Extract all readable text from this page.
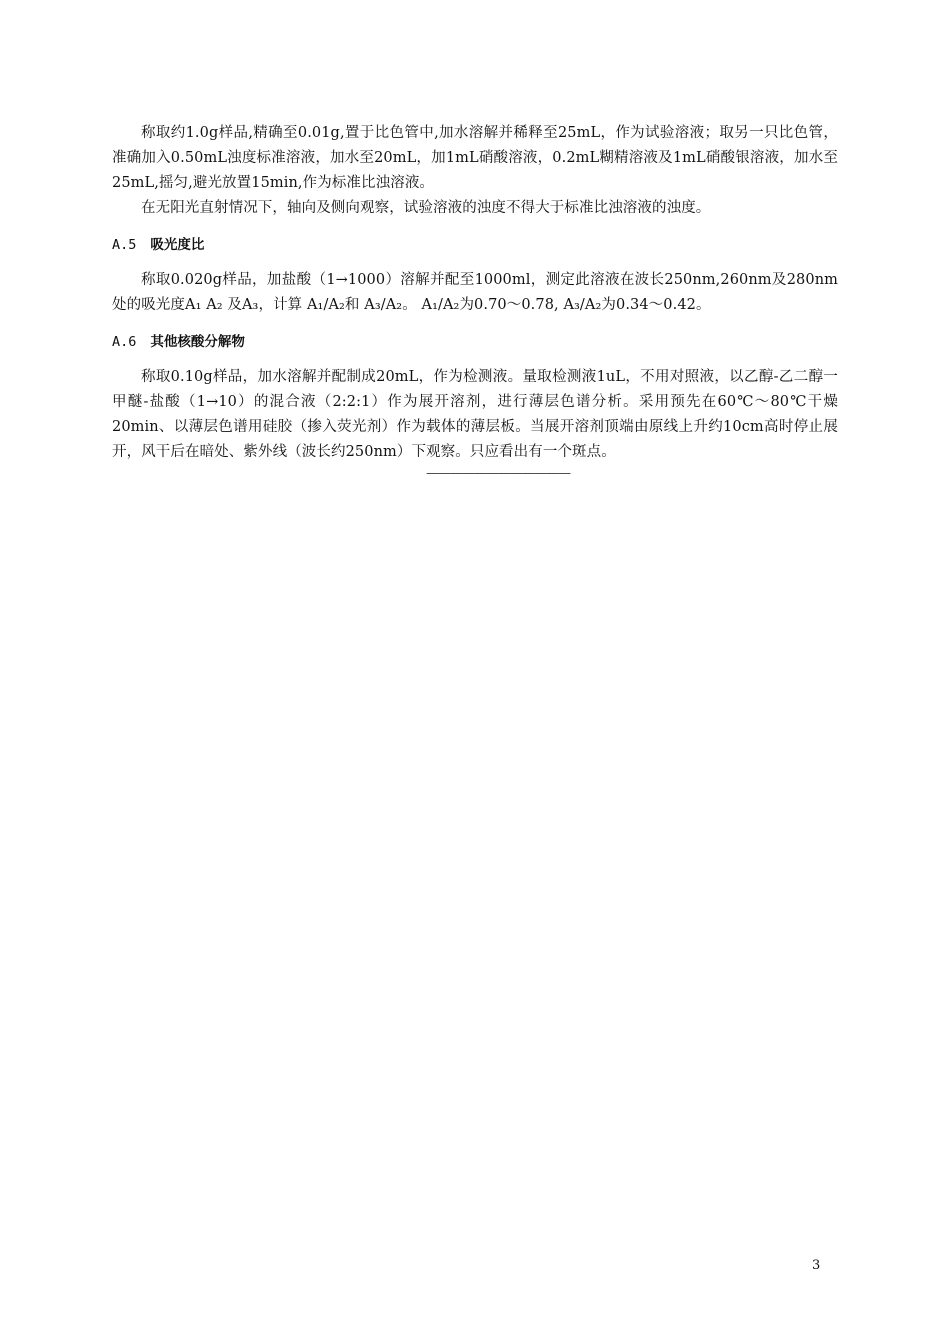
称取约1.0g样品,精确至0.01g,置于比色管中,加水溶解并稀释至25mL，作为试验溶液；取另一只比色管，准确加入0.50mL浊度标准溶液，加水至20mL，加1mL硝酸溶液，0.2mL糊精溶液及1mL硝酸银溶液，加水至25mL,摇匀,避光放置15min,作为标准比浊溶液。

在无阳光直射情况下，轴向及侧向观察，试验溶液的浊度不得大于标准比浊溶液的浊度。

A.5 吸光度比

称取0.020g样品，加盐酸（1→1000）溶解并配至1000ml，测定此溶液在波长250nm,260nm及280nm处的吸光度A₁ A₂ 及A₃，计算 A₁/A₂和 A₃/A₂。 A₁/A₂为0.70～0.78, A₃/A₂为0.34～0.42。

A.6 其他核酸分解物

称取0.10g样品，加水溶解并配制成20mL，作为检测液。量取检测液1uL，不用对照液，以乙醇-乙二醇一甲醚-盐酸（1→10）的混合液（2:2:1）作为展开溶剂，进行薄层色谱分析。采用预先在60℃～80℃干燥20min、以薄层色谱用硅胶（掺入荧光剂）作为载体的薄层板。当展开溶剂顶端由原线上升约10cm高时停止展开，风干后在暗处、紫外线（波长约250nm）下观察。只应看出有一个斑点。

————————————
3
